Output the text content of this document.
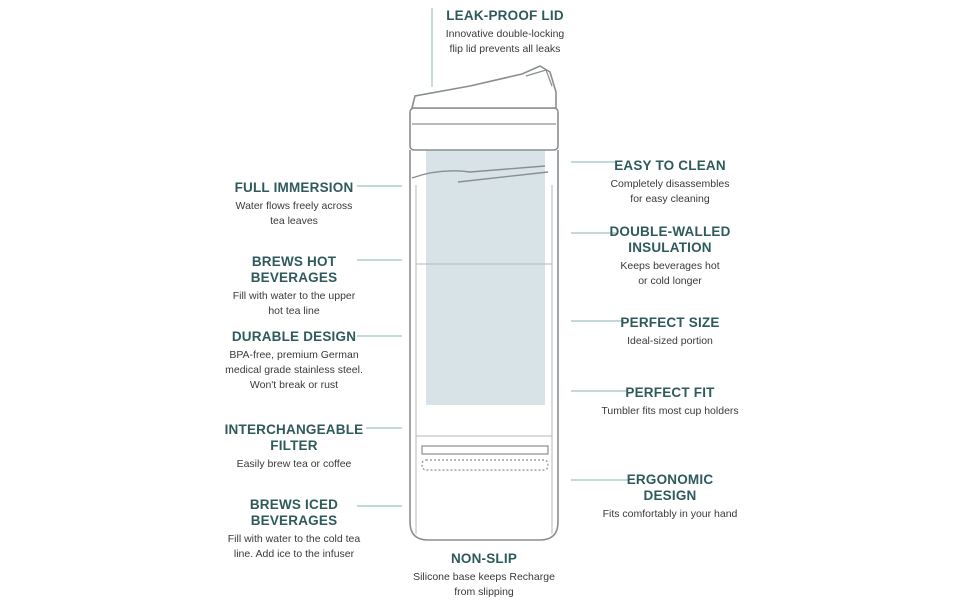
LEAK-PROOF LID
Innovative double-locking
flip lid prevents all leaks
EASY TO CLEAN
Completely disassembles
for easy cleaning
DOUBLE-WALLED
INSULATION
Keeps beverages hot
or cold longer
PERFECT SIZE
Ideal-sized portion
PERFECT FIT
Tumbler fits most cup holders
ERGONOMIC
DESIGN
Fits comfortably in your hand
FULL IMMERSION
Water flows freely across
tea leaves
BREWS HOT
BEVERAGES
Fill with water to the upper
hot tea line
DURABLE DESIGN
BPA-free, premium German
medical grade stainless steel.
Won't break or rust
INTERCHANGEABLE
FILTER
Easily brew tea or coffee
BREWS ICED
BEVERAGES
Fill with water to the cold tea
line. Add ice to the infuser	NON-SLIP
Silicone base keeps Recharge
from slipping
